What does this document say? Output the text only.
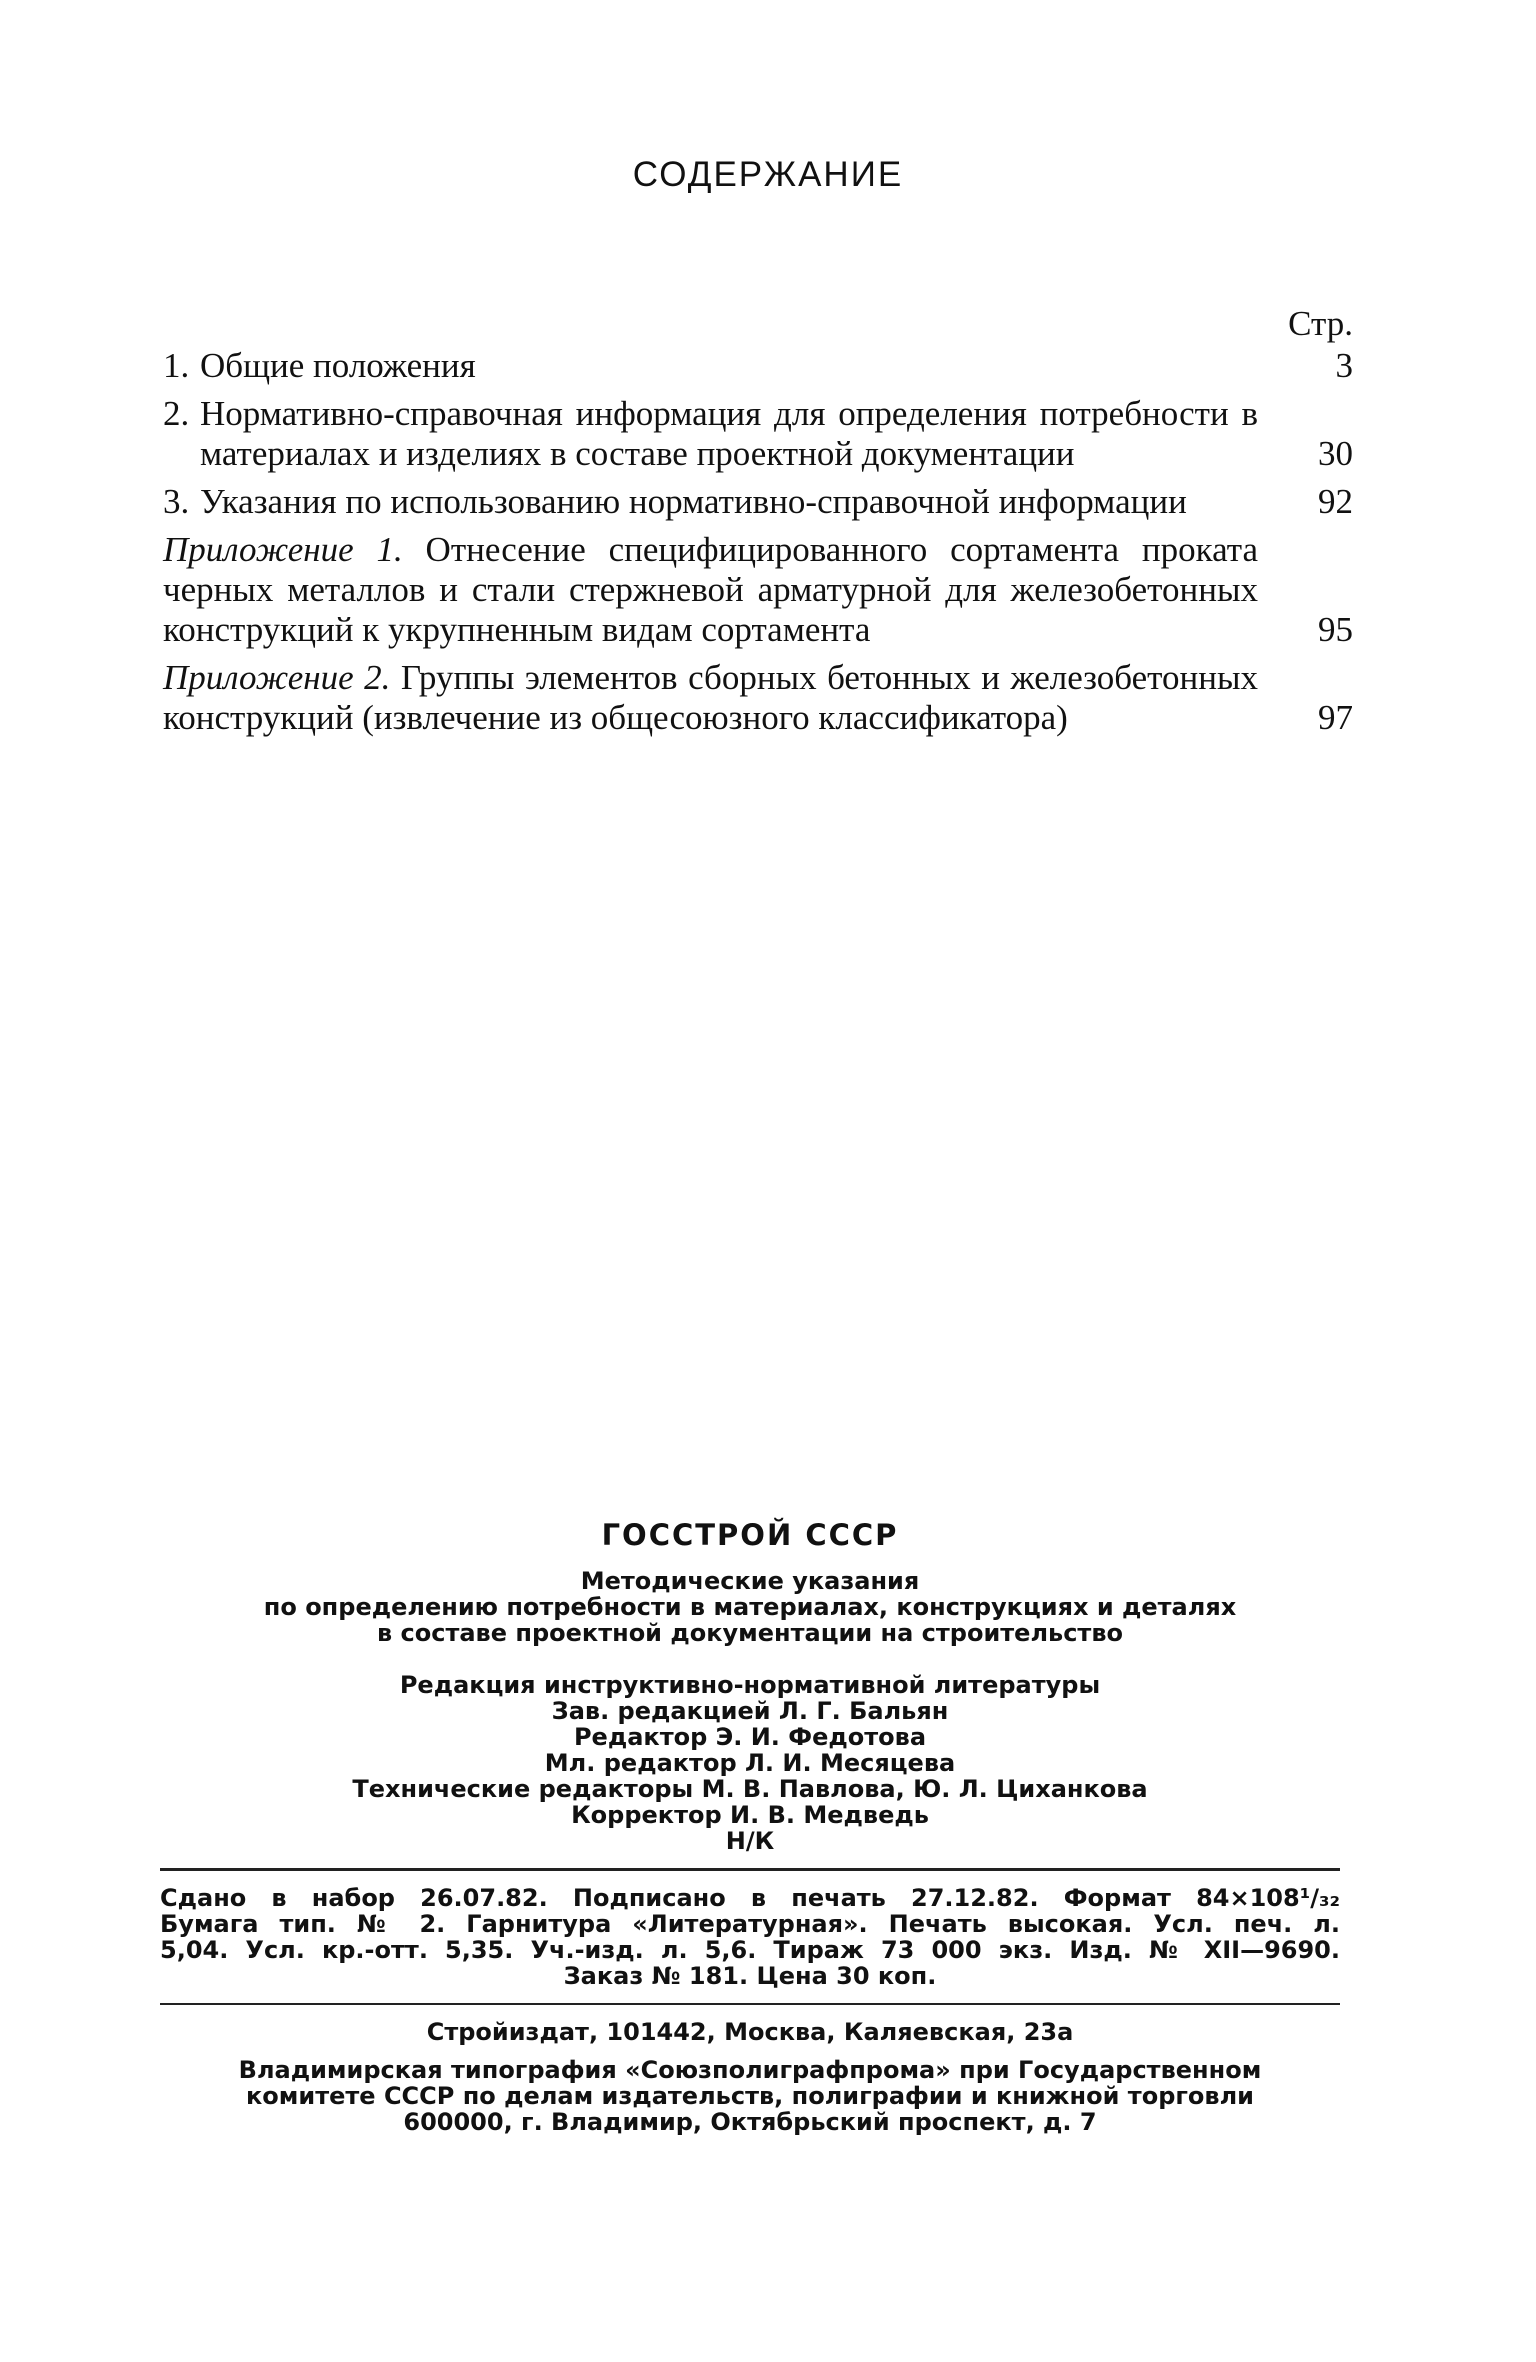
СОДЕРЖАНИЕ
Стр.
1. Общие положения	3
2. Нормативно-справочная информация для определения потребности в материалах и изделиях в составе проектной документации	30
3. Указания по использованию нормативно-справочной информации	92
Приложение 1. Отнесение специфицированного сортамента проката черных металлов и стали стержневой арматурной для железобетонных конструкций к укрупненным видам сортамента	95
Приложение 2. Группы элементов сборных бетонных и железобетонных конструкций (извлечение из общесоюзного классификатора)	97
ГОССТРОЙ СССР
Методические указания
по определению потребности в материалах, конструкциях и деталях
в составе проектной документации на строительство
Редакция инструктивно-нормативной литературы
Зав. редакцией Л. Г. Бальян
Редактор Э. И. Федотова
Мл. редактор Л. И. Месяцева
Технические редакторы М. В. Павлова, Ю. Л. Цихaнкова
Корректор И. В. Медведь
Н/К
Сдано в набор 26.07.82. Подписано в печать 27.12.82. Формат 84×108¹/₃₂
Бумага тип. № 2. Гарнитура «Литературная». Печать высокая. Усл. печ. л.
5,04. Усл. кр.-отт. 5,35. Уч.-изд. л. 5,6. Тираж 73 000 экз. Изд. № XII—9690.
Заказ № 181. Цена 30 коп.
Стройиздат, 101442, Москва, Каляевская, 23а
Владимирская типография «Союзполиграфпрома» при Государственном
комитете СССР по делам издательств, полиграфии и книжной торговли
600000, г. Владимир, Октябрьский проспект, д. 7
